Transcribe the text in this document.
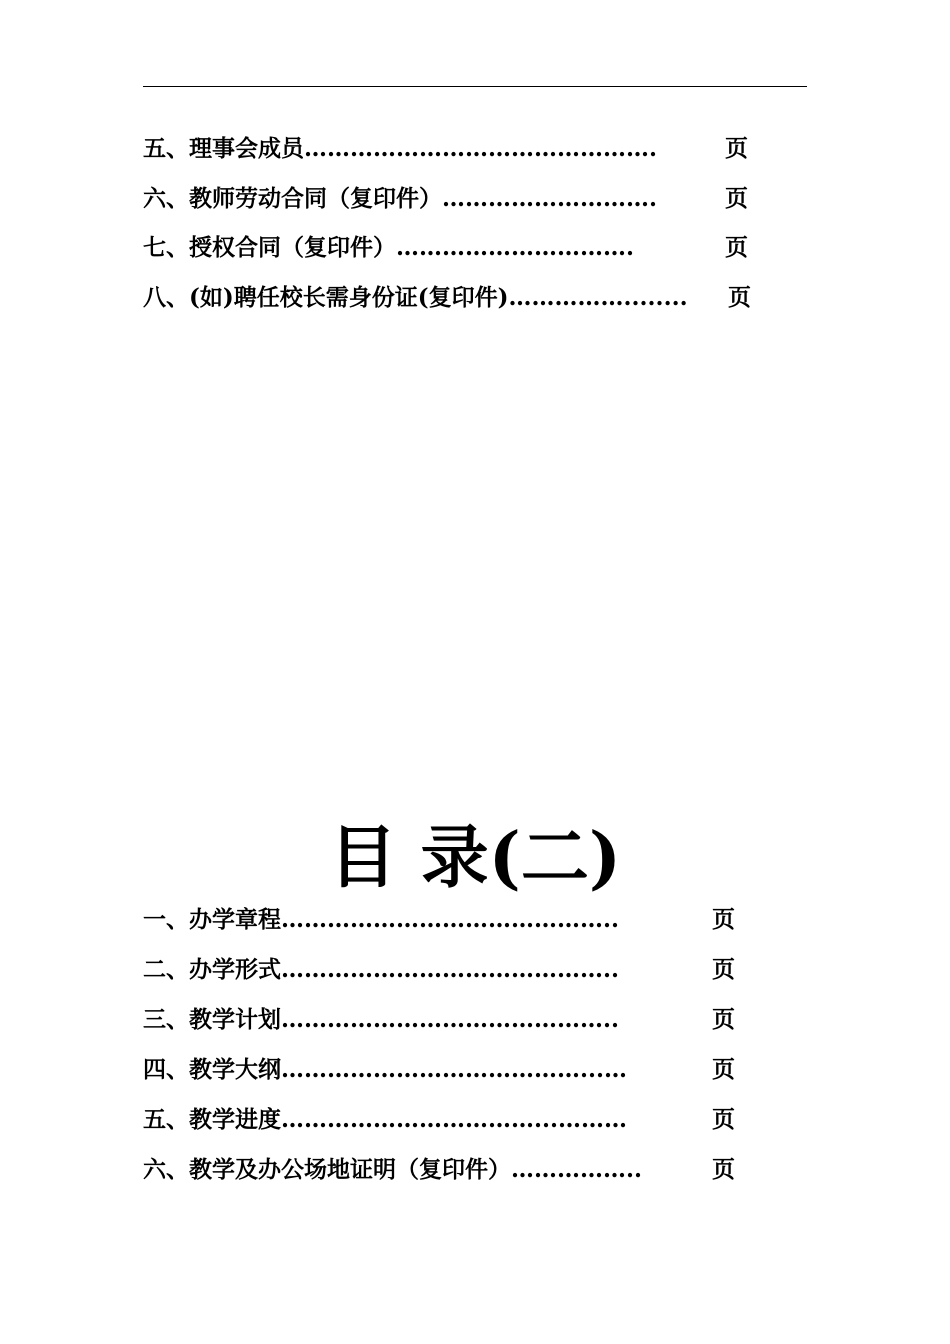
五、理事会成员……………………………………….	页
六、教师劳动合同（复印件）……………………….	页
七、授权合同（复印件）………………………….	页
八、(如)聘任校长需身份证(复印件)……………........ 页
目 录(二)
一、办学章程……………………………………..	页
二、办学形式……………………………………..	页
三、教学计划……………………………………..	页
四、教学大纲…………………………………...…	页
五、教学进度……………………………...………	页
六、教学及办公场地证明（复印件）……………..	页
